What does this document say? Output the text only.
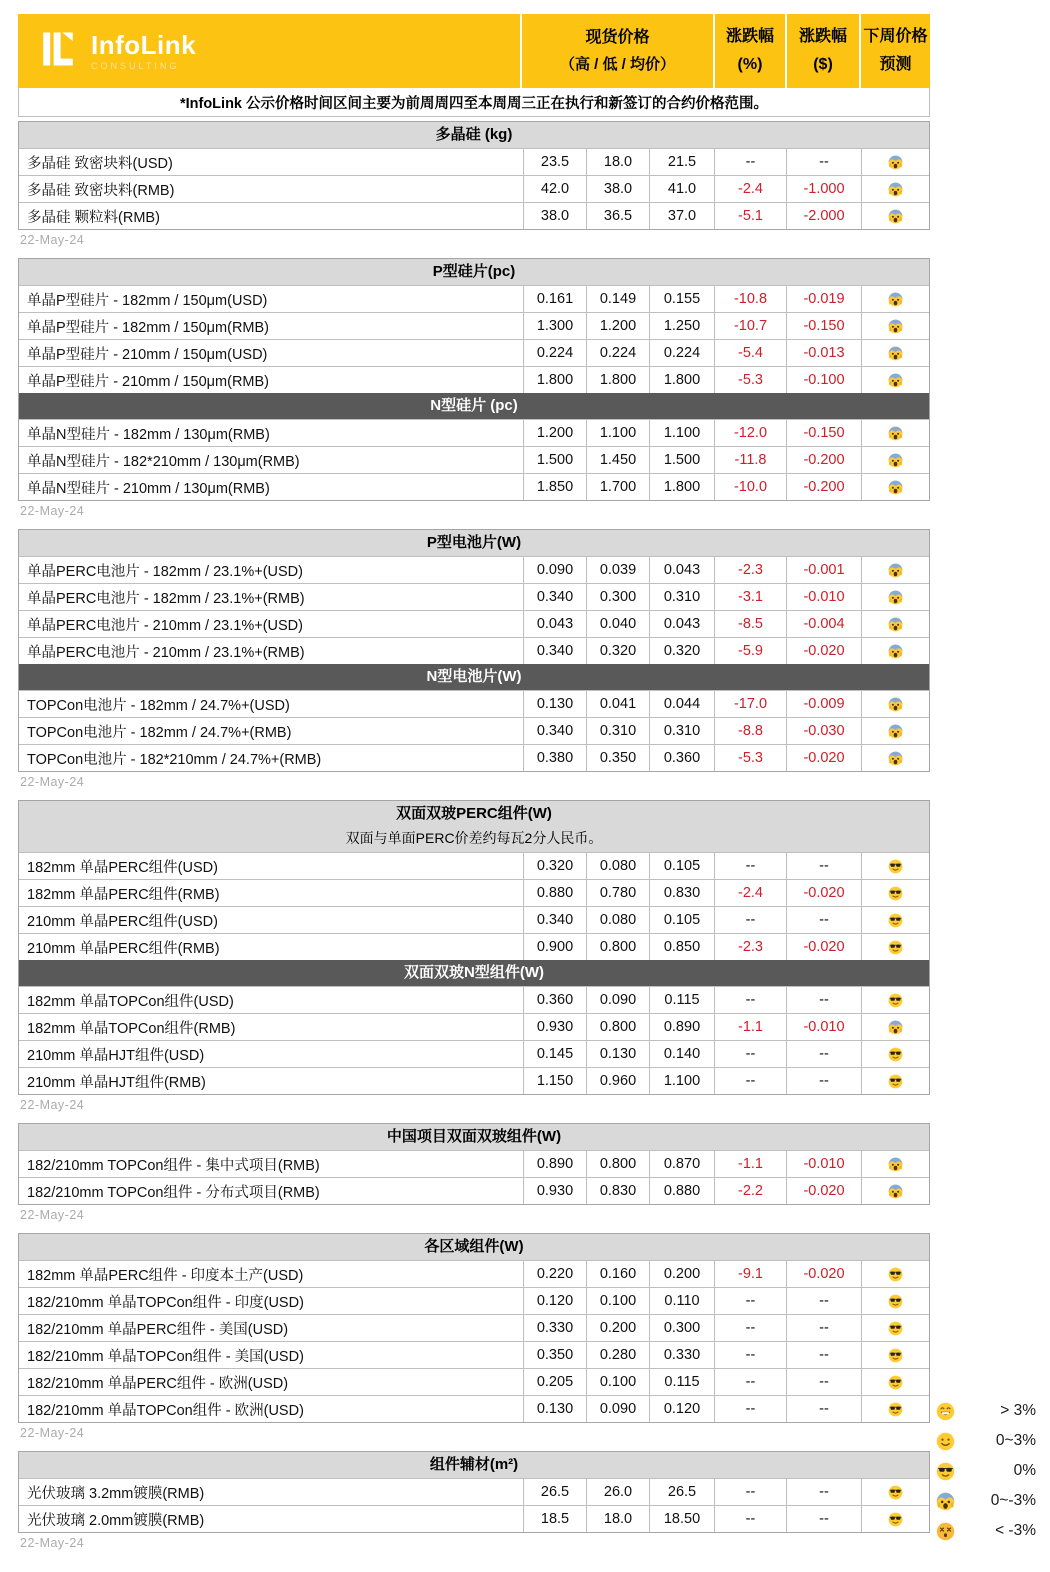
InfoLink
CONSULTING
现货价格
（高 / 低 / 均价）
涨跌幅
(%)
涨跌幅
($)
下周价格
预测
*InfoLink 公示价格时间区间主要为前周周四至本周周三正在执行和新签订的合约价格范围。
多晶硅 (kg)
多晶硅 致密块料(USD)	23.5	18.0	21.5	--	--
多晶硅 致密块料(RMB)	42.0	38.0	41.0	-2.4	-1.000
多晶硅 颗粒料(RMB)	38.0	36.5	37.0	-5.1	-2.000
22-May-24
P型硅片(pc)
单晶P型硅片 - 182mm / 150μm(USD)	0.161	0.149	0.155	-10.8	-0.019
单晶P型硅片 - 182mm / 150μm(RMB)	1.300	1.200	1.250	-10.7	-0.150
单晶P型硅片 - 210mm / 150μm(USD)	0.224	0.224	0.224	-5.4	-0.013
单晶P型硅片 - 210mm / 150μm(RMB)	1.800	1.800	1.800	-5.3	-0.100
N型硅片 (pc)
单晶N型硅片 - 182mm / 130μm(RMB)	1.200	1.100	1.100	-12.0	-0.150
单晶N型硅片 - 182*210mm / 130μm(RMB)	1.500	1.450	1.500	-11.8	-0.200
单晶N型硅片 - 210mm / 130μm(RMB)	1.850	1.700	1.800	-10.0	-0.200
22-May-24
P型电池片(W)
单晶PERC电池片 - 182mm / 23.1%+(USD)	0.090	0.039	0.043	-2.3	-0.001
单晶PERC电池片 - 182mm / 23.1%+(RMB)	0.340	0.300	0.310	-3.1	-0.010
单晶PERC电池片 - 210mm / 23.1%+(USD)	0.043	0.040	0.043	-8.5	-0.004
单晶PERC电池片 - 210mm / 23.1%+(RMB)	0.340	0.320	0.320	-5.9	-0.020
N型电池片(W)
TOPCon电池片 - 182mm / 24.7%+(USD)	0.130	0.041	0.044	-17.0	-0.009
TOPCon电池片 - 182mm / 24.7%+(RMB)	0.340	0.310	0.310	-8.8	-0.030
TOPCon电池片 - 182*210mm / 24.7%+(RMB)	0.380	0.350	0.360	-5.3	-0.020
22-May-24
双面双玻PERC组件(W)
双面与单面PERC价差约每瓦2分人民币。
182mm 单晶PERC组件(USD)	0.320	0.080	0.105	--	--
182mm 单晶PERC组件(RMB)	0.880	0.780	0.830	-2.4	-0.020
210mm 单晶PERC组件(USD)	0.340	0.080	0.105	--	--
210mm 单晶PERC组件(RMB)	0.900	0.800	0.850	-2.3	-0.020
双面双玻N型组件(W)
182mm 单晶TOPCon组件(USD)	0.360	0.090	0.115	--	--
182mm 单晶TOPCon组件(RMB)	0.930	0.800	0.890	-1.1	-0.010
210mm 单晶HJT组件(USD)	0.145	0.130	0.140	--	--
210mm 单晶HJT组件(RMB)	1.150	0.960	1.100	--	--
22-May-24
中国项目双面双玻组件(W)
182/210mm TOPCon组件 - 集中式项目(RMB)	0.890	0.800	0.870	-1.1	-0.010
182/210mm TOPCon组件 - 分布式项目(RMB)	0.930	0.830	0.880	-2.2	-0.020
22-May-24
各区域组件(W)
182mm 单晶PERC组件 - 印度本土产(USD)	0.220	0.160	0.200	-9.1	-0.020
182/210mm 单晶TOPCon组件 - 印度(USD)	0.120	0.100	0.110	--	--
182/210mm 单晶PERC组件 - 美国(USD)	0.330	0.200	0.300	--	--
182/210mm 单晶TOPCon组件 - 美国(USD)	0.350	0.280	0.330	--	--
182/210mm 单晶PERC组件 - 欧洲(USD)	0.205	0.100	0.115	--	--
182/210mm 单晶TOPCon组件 - 欧洲(USD)	0.130	0.090	0.120	--	--
22-May-24
组件辅材(m²)
光伏玻璃 3.2mm镀膜(RMB)	26.5	26.0	26.5	--	--
光伏玻璃 2.0mm镀膜(RMB)	18.5	18.0	18.50	--	--
22-May-24
> 3%
0~3%
0%
0~-3%
< -3%
